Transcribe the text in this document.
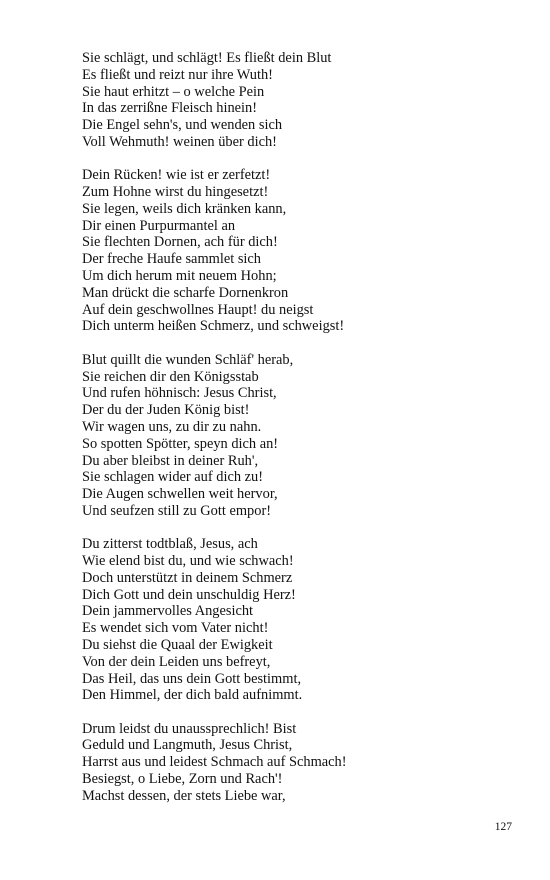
Sie schlägt, und schlägt! Es fließt dein Blut
Es fließt und reizt nur ihre Wuth!
Sie haut erhitzt – o welche Pein
In das zerrißne Fleisch hinein!
Die Engel sehn's, und wenden sich
Voll Wehmuth! weinen über dich!
Dein Rücken! wie ist er zerfetzt!
Zum Hohne wirst du hingesetzt!
Sie legen, weils dich kränken kann,
Dir einen Purpurmantel an
Sie flechten Dornen, ach für dich!
Der freche Haufe sammlet sich
Um dich herum mit neuem Hohn;
Man drückt die scharfe Dornenkron
Auf dein geschwollnes Haupt! du neigst
Dich unterm heißen Schmerz, und schweigst!
Blut quillt die wunden Schläf' herab,
Sie reichen dir den Königsstab
Und rufen höhnisch: Jesus Christ,
Der du der Juden König bist!
Wir wagen uns, zu dir zu nahn.
So spotten Spötter, speyn dich an!
Du aber bleibst in deiner Ruh',
Sie schlagen wider auf dich zu!
Die Augen schwellen weit hervor,
Und seufzen still zu Gott empor!
Du zitterst todtblaß, Jesus, ach
Wie elend bist du, und wie schwach!
Doch unterstützt in deinem Schmerz
Dich Gott und dein unschuldig Herz!
Dein jammervolles Angesicht
Es wendet sich vom Vater nicht!
Du siehst die Quaal der Ewigkeit
Von der dein Leiden uns befreyt,
Das Heil, das uns dein Gott bestimmt,
Den Himmel, der dich bald aufnimmt.
Drum leidst du unaussprechlich! Bist
Geduld und Langmuth, Jesus Christ,
Harrst aus und leidest Schmach auf Schmach!
Besiegst, o Liebe, Zorn und Rach'!
Machst dessen, der stets Liebe war,
127
